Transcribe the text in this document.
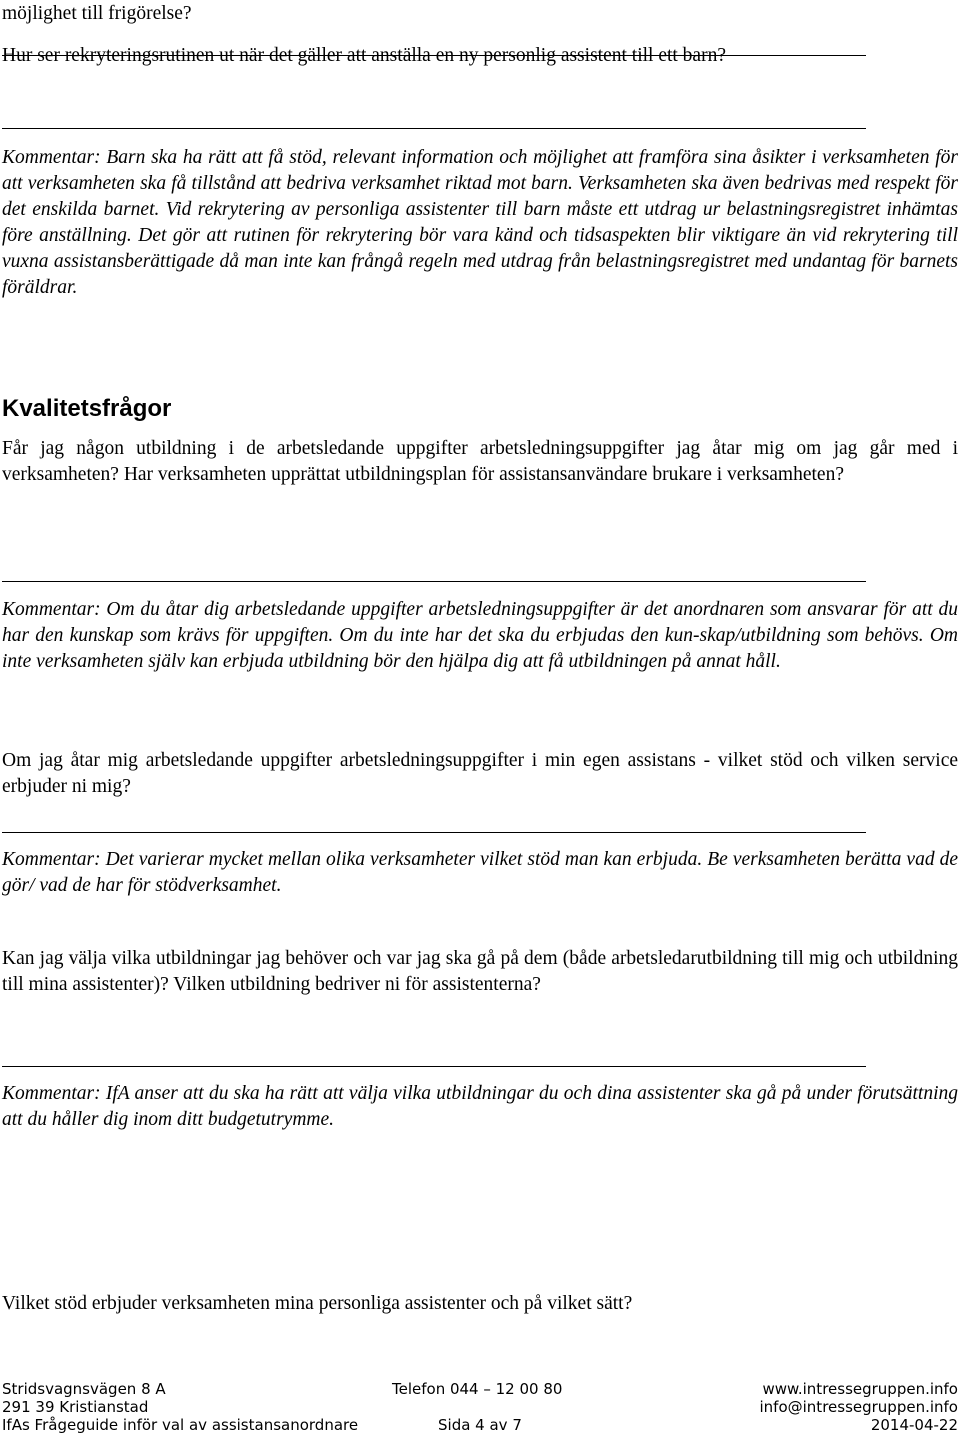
möjlighet till frigörelse?

Hur ser rekryteringsrutinen ut när det gäller att anställa en ny personlig assistent till ett barn?

Kommentar: Barn ska ha rätt att få stöd, relevant information och möjlighet att framföra sina åsikter i verksamheten för att verksamheten ska få tillstånd att bedriva verksamhet riktad mot barn. Verksamheten ska även bedrivas med respekt för det enskilda barnet. Vid rekrytering av personliga assistenter till barn måste ett utdrag ur belastningsregistret inhämtas före anställning. Det gör att rutinen för rekrytering bör vara känd och tidsaspekten blir viktigare än vid rekrytering till vuxna assistansberättigade då man inte kan frångå regeln med utdrag från belastningsregistret med undantag för barnets föräldrar.

Kvalitetsfrågor

Får jag någon utbildning i de arbetsledande uppgifter arbetsledningsuppgifter jag åtar mig om jag går med i verksamheten? Har verksamheten upprättat utbildningsplan för assistansanvändare brukare i verksamheten?

Kommentar: Om du åtar dig arbetsledande uppgifter arbetsledningsuppgifter är det anordnaren som ansvarar för att du har den kunskap som krävs för uppgiften. Om du inte har det ska du erbjudas den kun-skap/utbildning som behövs. Om inte verksamheten själv kan erbjuda utbildning bör den hjälpa dig att få utbildningen på annat håll.

Om jag åtar mig arbetsledande uppgifter arbetsledningsuppgifter i min egen assistans - vilket stöd och vilken service erbjuder ni mig?

Kommentar: Det varierar mycket mellan olika verksamheter vilket stöd man kan erbjuda. Be verksamheten berätta vad de gör/ vad de har för stödverksamhet.

Kan jag välja vilka utbildningar jag behöver och var jag ska gå på dem (både arbetsledarutbildning till mig och utbildning till mina assistenter)? Vilken utbildning bedriver ni för assistenterna?

Kommentar: IfA anser att du ska ha rätt att välja vilka utbildningar du och dina assistenter ska gå på under förutsättning att du håller dig inom ditt budgetutrymme.

Vilket stöd erbjuder verksamheten mina personliga assistenter och på vilket sätt?

Stridsvagnsvägen 8 A
291 39 Kristianstad
IfAs Frågeguide inför val av assistansanordnare
Telefon 044 – 12 00 80
Sida 4 av 7
www.intressegruppen.info
info@intressegruppen.info
2014-04-22
